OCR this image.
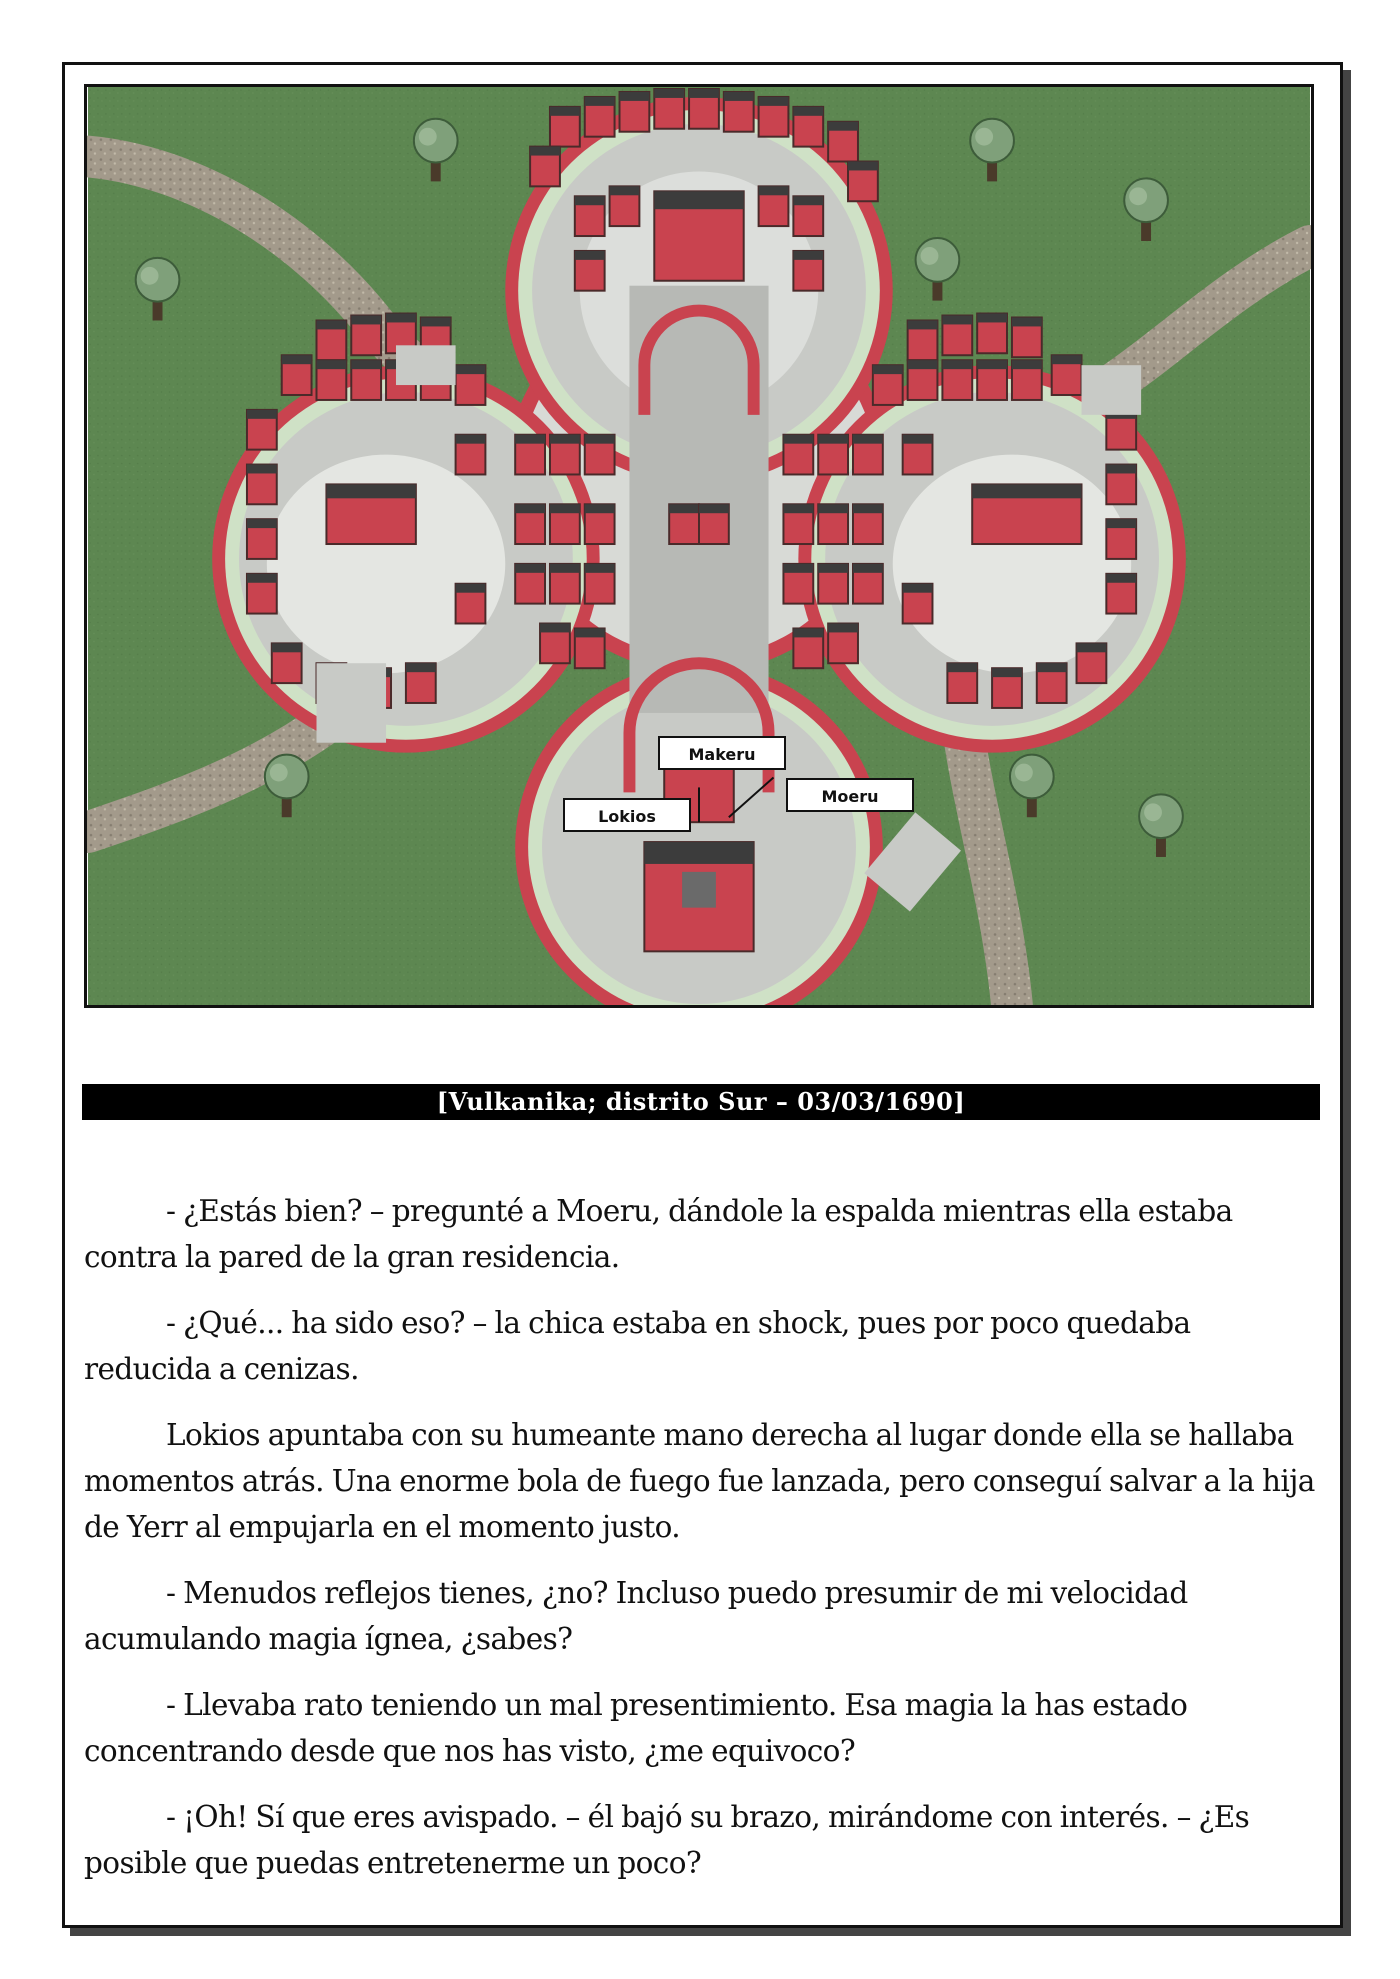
Makeru
Moeru
Lokios
[Vulkanika; distrito Sur – 03/03/1690]

- ¿Estás bien? – pregunté a Moeru, dándole la espalda mientras ella estaba contra la pared de la gran residencia.

- ¿Qué... ha sido eso? – la chica estaba en shock, pues por poco quedaba reducida a cenizas.

Lokios apuntaba con su humeante mano derecha al lugar donde ella se hallaba momentos atrás. Una enorme bola de fuego fue lanzada, pero conseguí salvar a la hija de Yerr al empujarla en el momento justo.

- Menudos reflejos tienes, ¿no? Incluso puedo presumir de mi velocidad acumulando magia ígnea, ¿sabes?

- Llevaba rato teniendo un mal presentimiento. Esa magia la has estado concentrando desde que nos has visto, ¿me equivoco?

- ¡Oh! Sí que eres avispado. – él bajó su brazo, mirándome con interés. – ¿Es posible que puedas entretenerme un poco?
